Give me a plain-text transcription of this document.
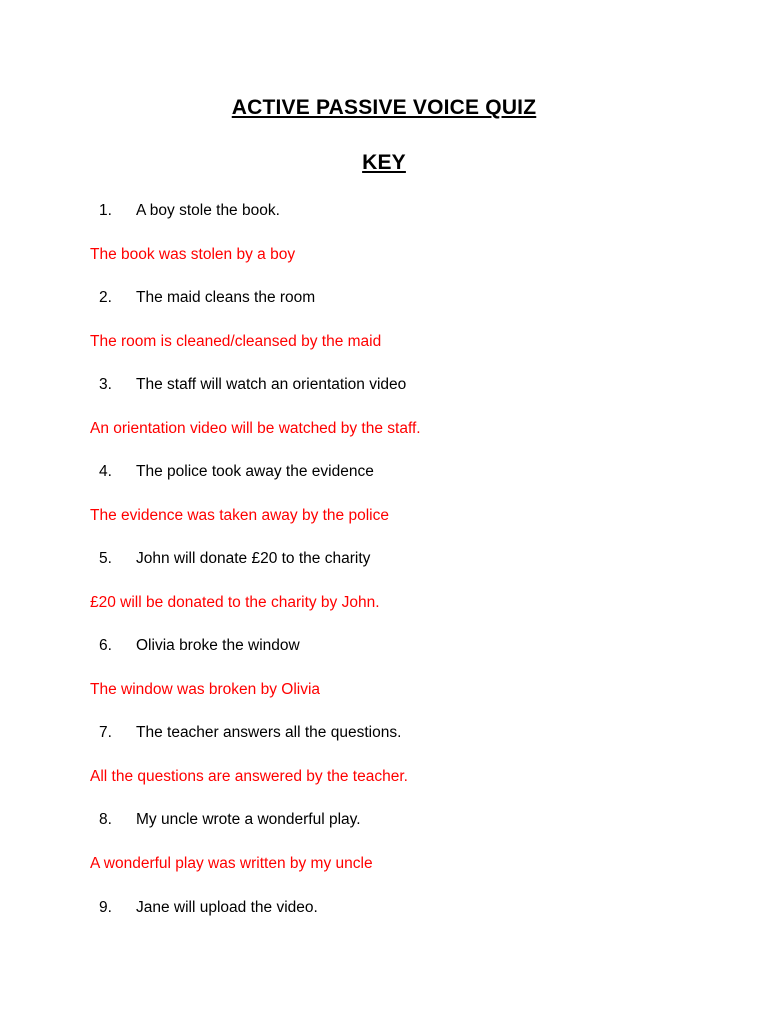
ACTIVE PASSIVE VOICE QUIZ
KEY
1.	A boy stole the book.
The book was stolen by a boy
2.	The maid cleans the room
The room is cleaned/cleansed by the maid
3.	The staff will watch an orientation video
An orientation video will be watched by the staff.
4.	The police took away the evidence
The evidence was taken away by the police
5.	John will donate £20 to the charity
£20 will be donated to the charity by John.
6.	Olivia broke the window
The window was broken by Olivia
7.	The teacher answers all the questions.
All the questions are answered by the teacher.
8.	My uncle wrote a wonderful play.
A wonderful play was written by my uncle
9.	Jane will upload the video.
